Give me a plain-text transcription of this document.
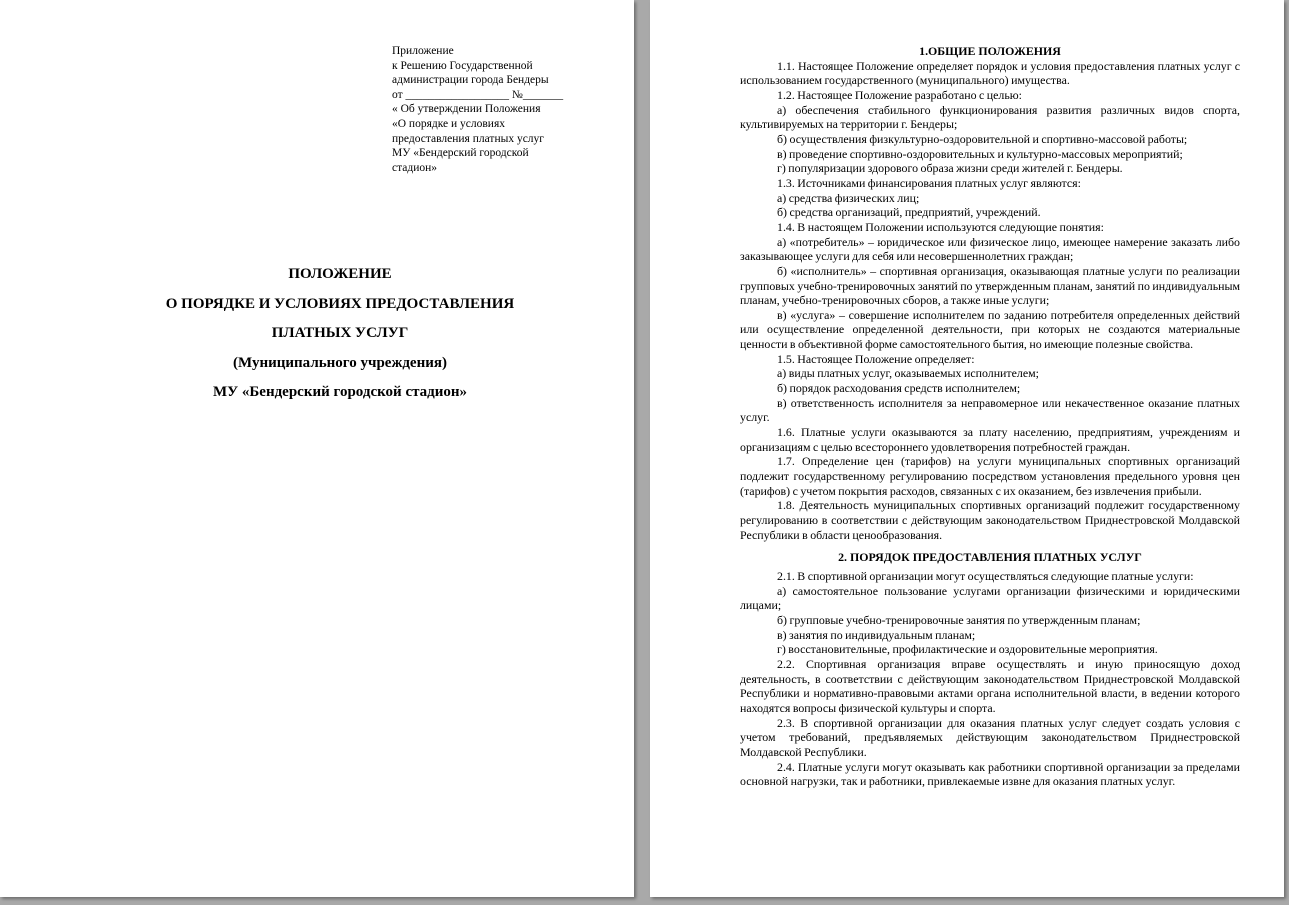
Приложение
к Решению Государственной
администрации города Бендеры
от __________________ №_______
« Об утверждении Положения
«О порядке и условиях
предоставления платных услуг
МУ «Бендерский городской
стадион»
ПОЛОЖЕНИЕ
О ПОРЯДКЕ И УСЛОВИЯХ ПРЕДОСТАВЛЕНИЯ
ПЛАТНЫХ УСЛУГ
(Муниципального учреждения)
МУ «Бендерский городской стадион»
1.ОБЩИЕ ПОЛОЖЕНИЯ

1.1. Настоящее Положение определяет порядок и условия предоставления платных услуг с использованием государственного (муниципального) имущества.

1.2. Настоящее Положение разработано с целью:

а) обеспечения стабильного функционирования развития различных видов спорта, культивируемых на территории г. Бендеры;

б) осуществления физкультурно-оздоровительной и спортивно-массовой работы;

в) проведение спортивно-оздоровительных и культурно-массовых мероприятий;

г) популяризации здорового образа жизни среди жителей г. Бендеры.

1.3. Источниками финансирования платных услуг являются:

а) средства физических лиц;

б) средства организаций, предприятий, учреждений.

1.4. В настоящем Положении используются следующие понятия:

а) «потребитель» – юридическое или физическое лицо, имеющее намерение заказать либо заказывающее услуги для себя или несовершеннолетних граждан;

б) «исполнитель» – спортивная организация, оказывающая платные услуги по реализации групповых учебно-тренировочных занятий по утвержденным планам, занятий по индивидуальным планам, учебно-тренировочных сборов, а также иные услуги;

в) «услуга» – совершение исполнителем по заданию потребителя определенных действий или осуществление определенной деятельности, при которых не создаются материальные ценности в объективной форме самостоятельного бытия, но имеющие полезные свойства.

1.5. Настоящее Положение определяет:

а) виды платных услуг, оказываемых исполнителем;

б) порядок расходования средств исполнителем;

в) ответственность исполнителя за неправомерное или некачественное оказание платных услуг.

1.6. Платные услуги оказываются за плату населению, предприятиям, учреждениям и организациям с целью всестороннего удовлетворения потребностей граждан.

1.7. Определение цен (тарифов) на услуги муниципальных спортивных организаций подлежит государственному регулированию посредством установления предельного уровня цен (тарифов) с учетом покрытия расходов, связанных с их оказанием, без извлечения прибыли.

1.8. Деятельность муниципальных спортивных организаций подлежит государственному регулированию в соответствии с действующим законодательством Приднестровской Молдавской Республики в области ценообразования.

2. ПОРЯДОК ПРЕДОСТАВЛЕНИЯ ПЛАТНЫХ УСЛУГ

2.1. В спортивной организации могут осуществляться следующие платные услуги:

а) самостоятельное пользование услугами организации физическими и юридическими лицами;

б) групповые учебно-тренировочные занятия по утвержденным планам;

в) занятия по индивидуальным планам;

г) восстановительные, профилактические и оздоровительные мероприятия.

2.2. Спортивная организация вправе осуществлять и иную приносящую доход деятельность, в соответствии с действующим законодательством Приднестровской Молдавской Республики и нормативно-правовыми актами органа исполнительной власти, в ведении которого находятся вопросы физической культуры и спорта.

2.3. В спортивной организации для оказания платных услуг следует создать условия с учетом требований, предъявляемых действующим законодательством Приднестровской Молдавской Республики.

2.4. Платные услуги могут оказывать как работники спортивной организации за пределами основной нагрузки, так и работники, привлекаемые извне для оказания платных услуг.
